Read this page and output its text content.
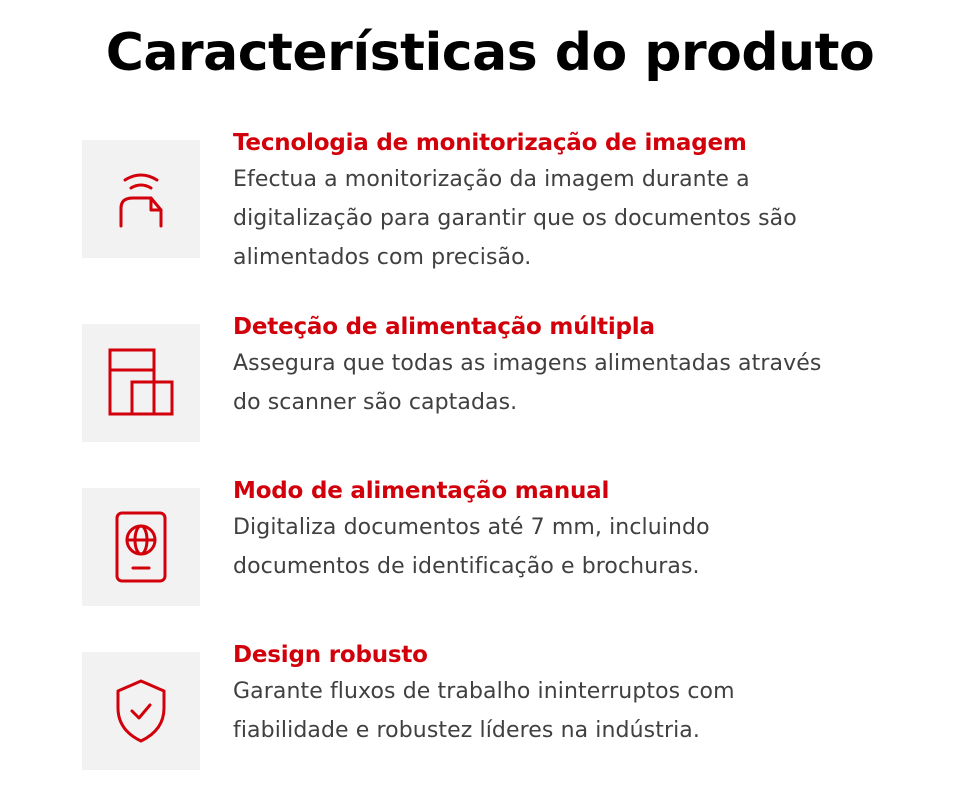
Características do produto

Tecnologia de monitorização de imagem

Efectua a monitorização da imagem durante a
digitalização para garantir que os documentos são
alimentados com precisão.

Deteção de alimentação múltipla

Assegura que todas as imagens alimentadas através
do scanner são captadas.

Modo de alimentação manual

Digitaliza documentos até 7 mm, incluindo
documentos de identificação e brochuras.

Design robusto

Garante fluxos de trabalho ininterruptos com
fiabilidade e robustez líderes na indústria.
